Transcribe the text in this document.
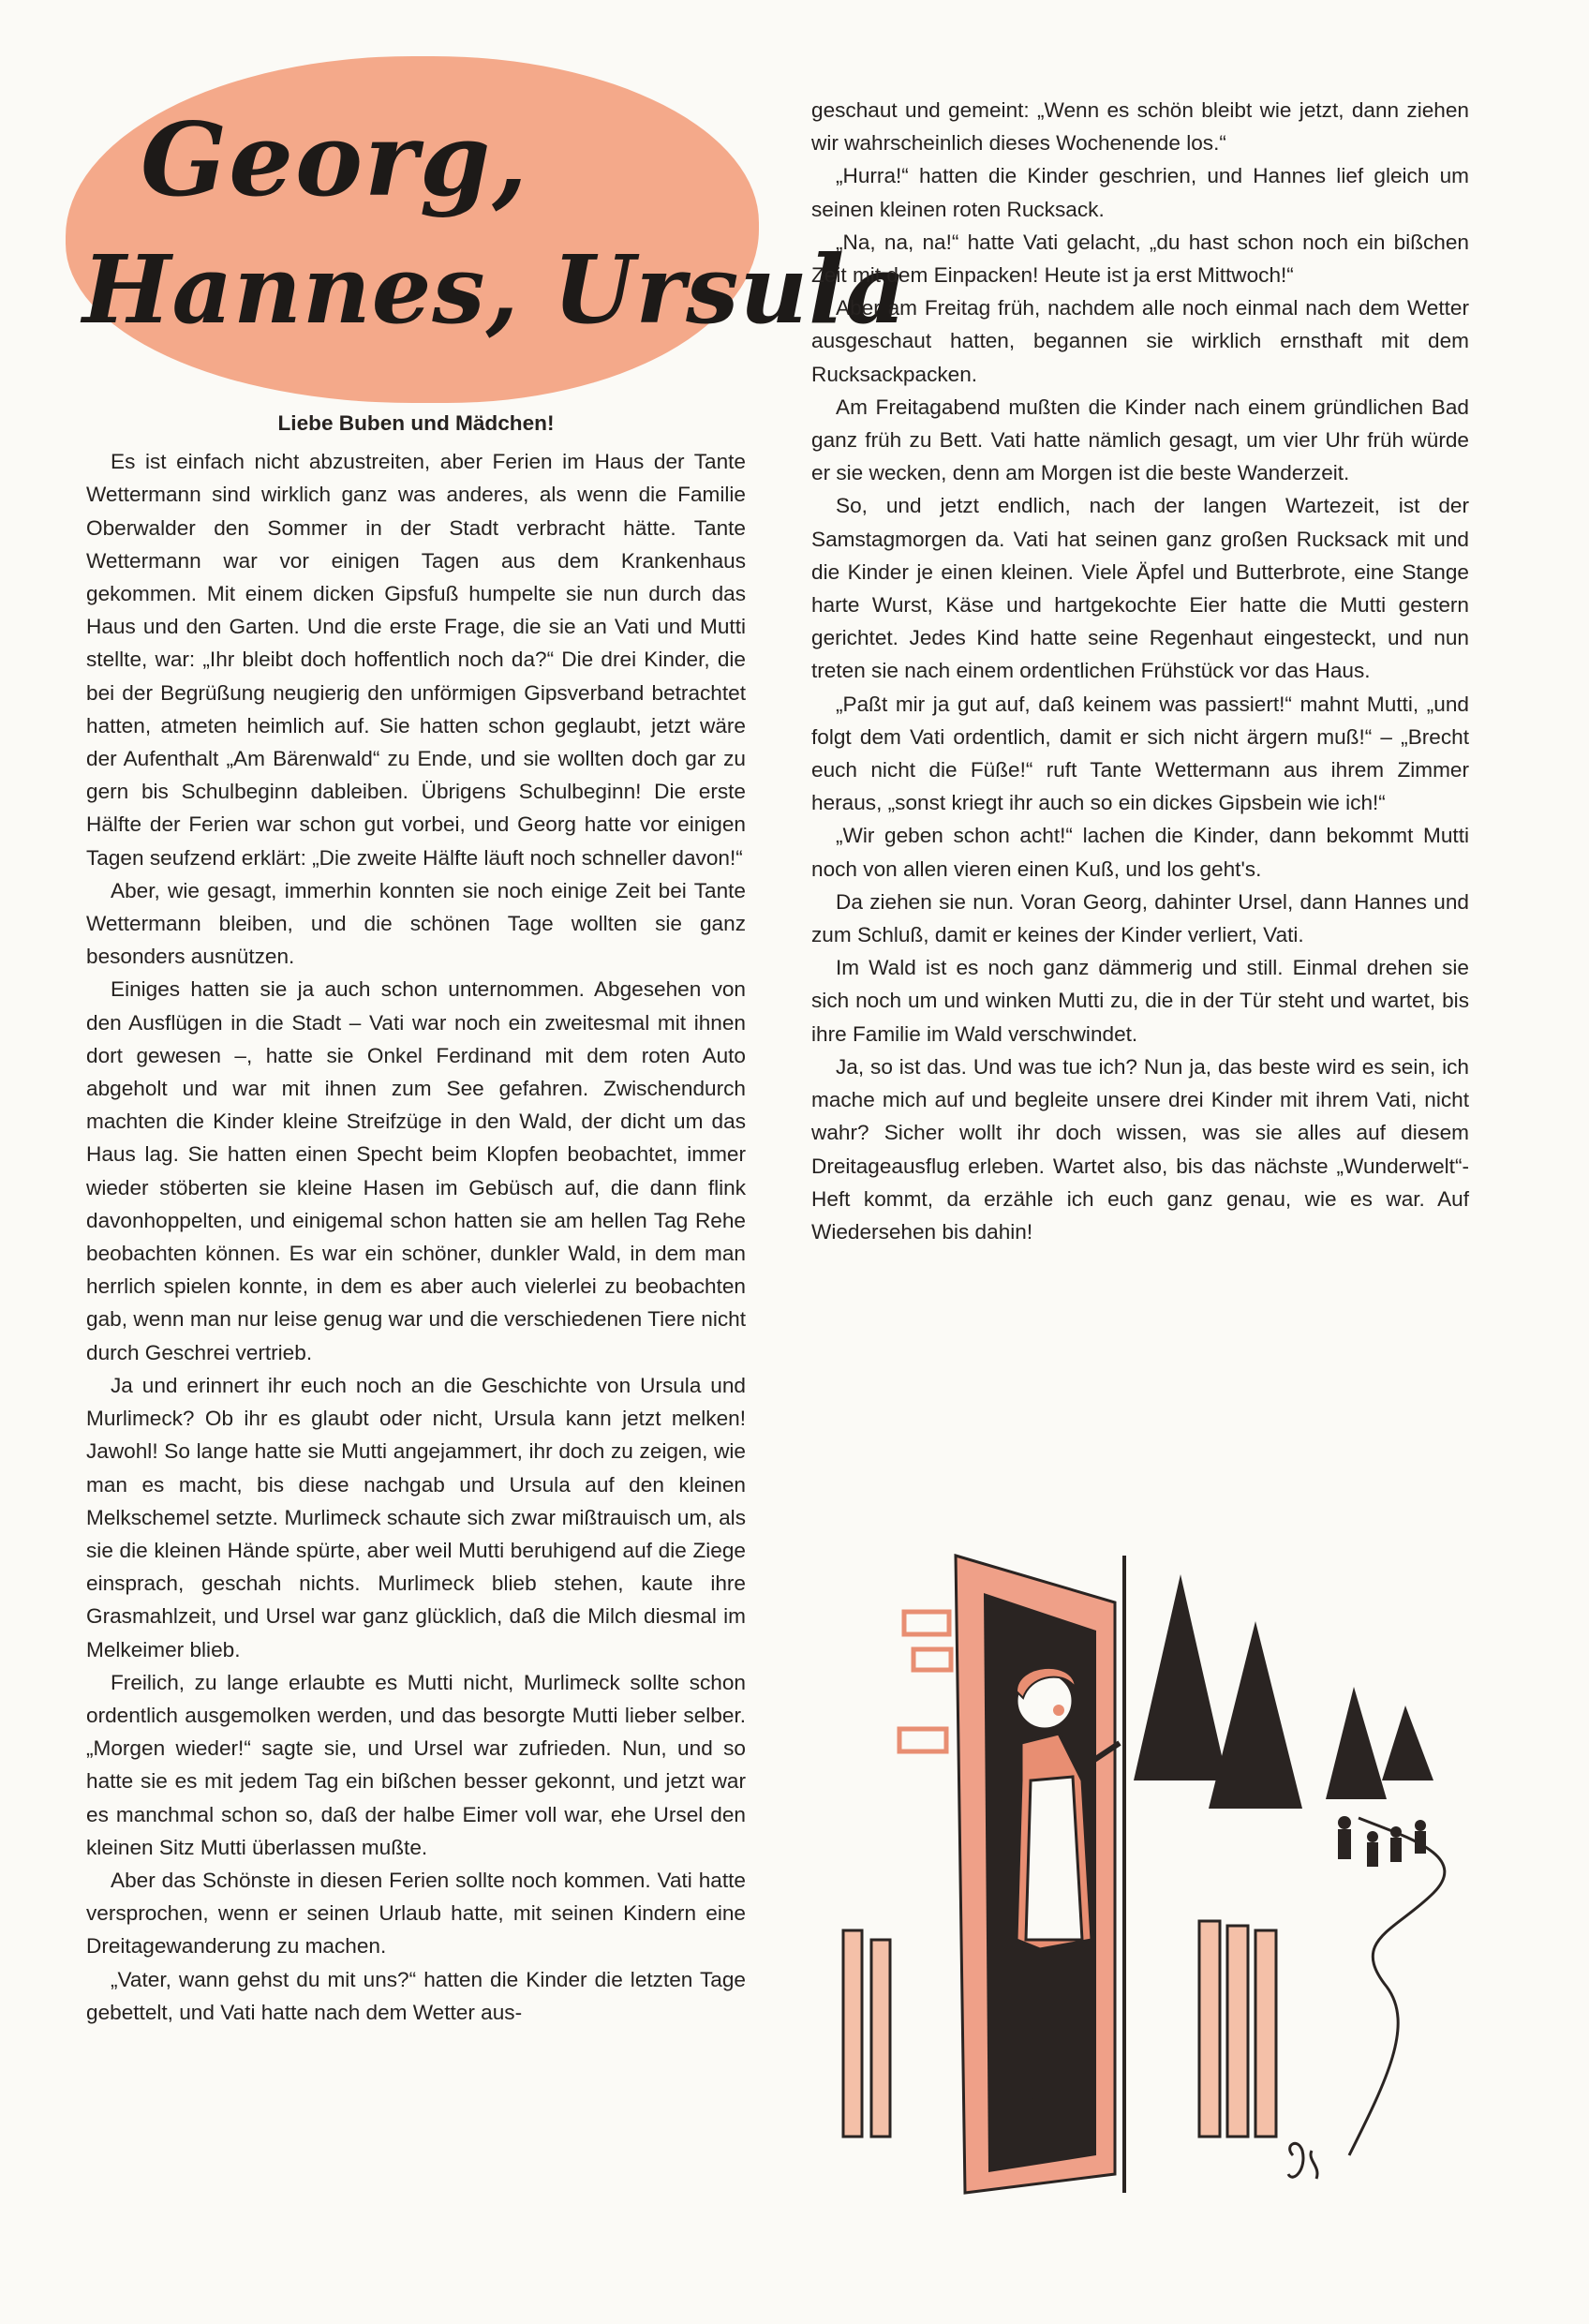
Georg,
Hannes, Ursula
Liebe Buben und Mädchen!

Es ist einfach nicht abzustreiten, aber Ferien im Haus der Tante Wettermann sind wirklich ganz was anderes, als wenn die Familie Oberwalder den Sommer in der Stadt verbracht hätte. Tante Wettermann war vor einigen Tagen aus dem Krankenhaus gekommen. Mit einem dicken Gipsfuß humpelte sie nun durch das Haus und den Garten. Und die erste Frage, die sie an Vati und Mutti stellte, war: „Ihr bleibt doch hoffentlich noch da?“ Die drei Kinder, die bei der Begrüßung neugierig den unförmigen Gipsverband betrachtet hatten, atmeten heimlich auf. Sie hatten schon geglaubt, jetzt wäre der Aufenthalt „Am Bärenwald“ zu Ende, und sie wollten doch gar zu gern bis Schulbeginn dableiben. Übrigens Schulbeginn! Die erste Hälfte der Ferien war schon gut vorbei, und Georg hatte vor einigen Tagen seufzend erklärt: „Die zweite Hälfte läuft noch schneller davon!“

Aber, wie gesagt, immerhin konnten sie noch einige Zeit bei Tante Wettermann bleiben, und die schönen Tage wollten sie ganz besonders ausnützen.

Einiges hatten sie ja auch schon unternommen. Abgesehen von den Ausflügen in die Stadt – Vati war noch ein zweitesmal mit ihnen dort gewesen –, hatte sie Onkel Ferdinand mit dem roten Auto abgeholt und war mit ihnen zum See gefahren. Zwischendurch machten die Kinder kleine Streifzüge in den Wald, der dicht um das Haus lag. Sie hatten einen Specht beim Klopfen beobachtet, immer wieder stöberten sie kleine Hasen im Gebüsch auf, die dann flink davonhoppelten, und einigemal schon hatten sie am hellen Tag Rehe beobachten können. Es war ein schöner, dunkler Wald, in dem man herrlich spielen konnte, in dem es aber auch vielerlei zu beobachten gab, wenn man nur leise genug war und die verschiedenen Tiere nicht durch Geschrei vertrieb.

Ja und erinnert ihr euch noch an die Geschichte von Ursula und Murlimeck? Ob ihr es glaubt oder nicht, Ursula kann jetzt melken! Jawohl! So lange hatte sie Mutti angejammert, ihr doch zu zeigen, wie man es macht, bis diese nachgab und Ursula auf den kleinen Melkschemel setzte. Murlimeck schaute sich zwar mißtrauisch um, als sie die kleinen Hände spürte, aber weil Mutti beruhigend auf die Ziege einsprach, geschah nichts. Murlimeck blieb stehen, kaute ihre Grasmahlzeit, und Ursel war ganz glücklich, daß die Milch diesmal im Melkeimer blieb.

Freilich, zu lange erlaubte es Mutti nicht, Murlimeck sollte schon ordentlich ausgemolken werden, und das besorgte Mutti lieber selber. „Morgen wieder!“ sagte sie, und Ursel war zufrieden. Nun, und so hatte sie es mit jedem Tag ein bißchen besser gekonnt, und jetzt war es manchmal schon so, daß der halbe Eimer voll war, ehe Ursel den kleinen Sitz Mutti überlassen mußte.

Aber das Schönste in diesen Ferien sollte noch kommen. Vati hatte versprochen, wenn er seinen Urlaub hatte, mit seinen Kindern eine Dreitagewanderung zu machen.

„Vater, wann gehst du mit uns?“ hatten die Kinder die letzten Tage gebettelt, und Vati hatte nach dem Wetter aus-

geschaut und gemeint: „Wenn es schön bleibt wie jetzt, dann ziehen wir wahrscheinlich dieses Wochenende los.“

„Hurra!“ hatten die Kinder geschrien, und Hannes lief gleich um seinen kleinen roten Rucksack.

„Na, na, na!“ hatte Vati gelacht, „du hast schon noch ein bißchen Zeit mit dem Einpacken! Heute ist ja erst Mittwoch!“

Aber am Freitag früh, nachdem alle noch einmal nach dem Wetter ausgeschaut hatten, begannen sie wirklich ernsthaft mit dem Rucksackpacken.

Am Freitagabend mußten die Kinder nach einem gründlichen Bad ganz früh zu Bett. Vati hatte nämlich gesagt, um vier Uhr früh würde er sie wecken, denn am Morgen ist die beste Wanderzeit.

So, und jetzt endlich, nach der langen Wartezeit, ist der Samstagmorgen da. Vati hat seinen ganz großen Rucksack mit und die Kinder je einen kleinen. Viele Äpfel und Butterbrote, eine Stange harte Wurst, Käse und hartgekochte Eier hatte die Mutti gestern gerichtet. Jedes Kind hatte seine Regenhaut eingesteckt, und nun treten sie nach einem ordentlichen Frühstück vor das Haus.

„Paßt mir ja gut auf, daß keinem was passiert!“ mahnt Mutti, „und folgt dem Vati ordentlich, damit er sich nicht ärgern muß!“ – „Brecht euch nicht die Füße!“ ruft Tante Wettermann aus ihrem Zimmer heraus, „sonst kriegt ihr auch so ein dickes Gipsbein wie ich!“

„Wir geben schon acht!“ lachen die Kinder, dann bekommt Mutti noch von allen vieren einen Kuß, und los geht's.

Da ziehen sie nun. Voran Georg, dahinter Ursel, dann Hannes und zum Schluß, damit er keines der Kinder verliert, Vati.

Im Wald ist es noch ganz dämmerig und still. Einmal drehen sie sich noch um und winken Mutti zu, die in der Tür steht und wartet, bis ihre Familie im Wald verschwindet.

Ja, so ist das. Und was tue ich? Nun ja, das beste wird es sein, ich mache mich auf und begleite unsere drei Kinder mit ihrem Vati, nicht wahr? Sicher wollt ihr doch wissen, was sie alles auf diesem Dreitageausflug erleben. Wartet also, bis das nächste „Wunderwelt“-Heft kommt, da erzähle ich euch ganz genau, wie es war. Auf Wiedersehen bis dahin!
